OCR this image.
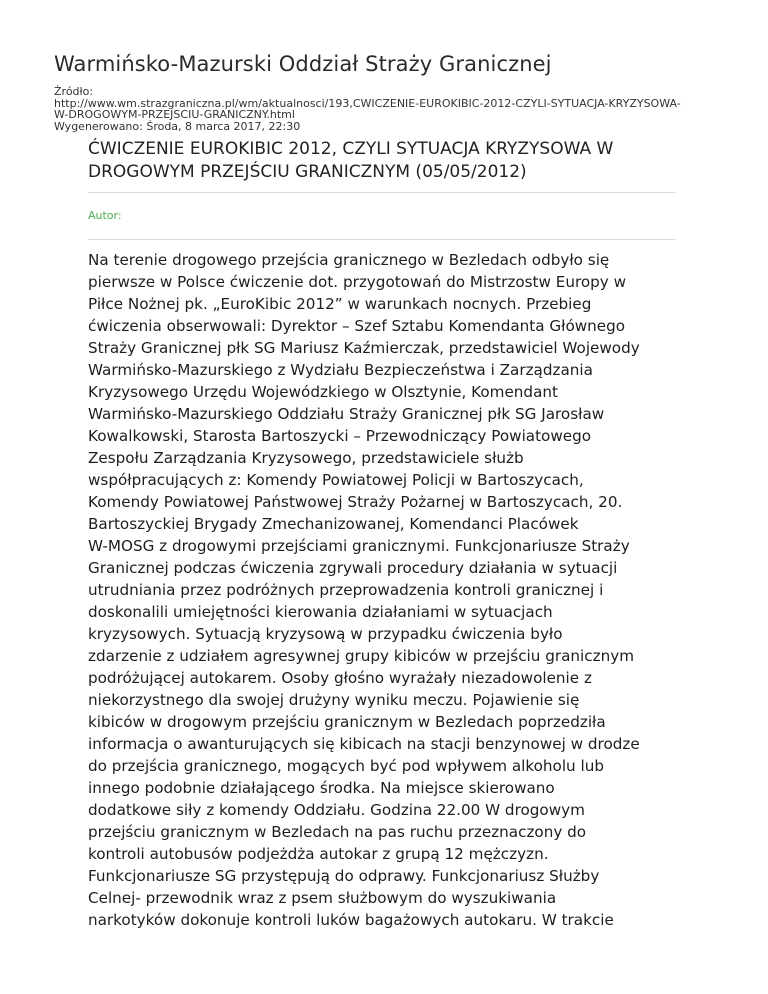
Warmińsko-Mazurski Oddział Straży Granicznej
Źródło:
http://www.wm.strazgraniczna.pl/wm/aktualnosci/193,CWICZENIE-EUROKIBIC-2012-CZYLI-SYTUACJA-KRYZYSOWA-
W-DROGOWYM-PRZEJSCIU-GRANICZNY.html
Wygenerowano: Środa, 8 marca 2017, 22:30
ĆWICZENIE EUROKIBIC 2012, CZYLI SYTUACJA KRYZYSOWA W
DROGOWYM PRZEJŚCIU GRANICZNYM (05/05/2012)
Autor:
Na terenie drogowego przejścia granicznego w Bezledach odbyło się
pierwsze w Polsce ćwiczenie dot. przygotowań do Mistrzostw Europy w
Piłce Nożnej pk. „EuroKibic 2012” w warunkach nocnych. Przebieg
ćwiczenia obserwowali: Dyrektor – Szef Sztabu Komendanta Głównego
Straży Granicznej płk SG Mariusz Kaźmierczak, przedstawiciel Wojewody
Warmińsko-Mazurskiego z Wydziału Bezpieczeństwa i Zarządzania
Kryzysowego Urzędu Wojewódzkiego w Olsztynie, Komendant
Warmińsko-Mazurskiego Oddziału Straży Granicznej płk SG Jarosław
Kowalkowski, Starosta Bartoszycki – Przewodniczący Powiatowego
Zespołu Zarządzania Kryzysowego, przedstawiciele służb
współpracujących z: Komendy Powiatowej Policji w Bartoszycach,
Komendy Powiatowej Państwowej Straży Pożarnej w Bartoszycach, 20.
Bartoszyckiej Brygady Zmechanizowanej, Komendanci Placówek
W-MOSG z drogowymi przejściami granicznymi. Funkcjonariusze Straży
Granicznej podczas ćwiczenia zgrywali procedury działania w sytuacji
utrudniania przez podróżnych przeprowadzenia kontroli granicznej i
doskonalili umiejętności kierowania działaniami w sytuacjach
kryzysowych. Sytuacją kryzysową w przypadku ćwiczenia było
zdarzenie z udziałem agresywnej grupy kibiców w przejściu granicznym
podróżującej autokarem. Osoby głośno wyrażały niezadowolenie z
niekorzystnego dla swojej drużyny wyniku meczu. Pojawienie się
kibiców w drogowym przejściu granicznym w Bezledach poprzedziła
informacja o awanturujących się kibicach na stacji benzynowej w drodze
do przejścia granicznego, mogących być pod wpływem alkoholu lub
innego podobnie działającego środka. Na miejsce skierowano
dodatkowe siły z komendy Oddziału. Godzina 22.00 W drogowym
przejściu granicznym w Bezledach na pas ruchu przeznaczony do
kontroli autobusów podjeżdża autokar z grupą 12 mężczyzn.
Funkcjonariusze SG przystępują do odprawy. Funkcjonariusz Służby
Celnej- przewodnik wraz z psem służbowym do wyszukiwania
narkotyków dokonuje kontroli luków bagażowych autokaru. W trakcie
